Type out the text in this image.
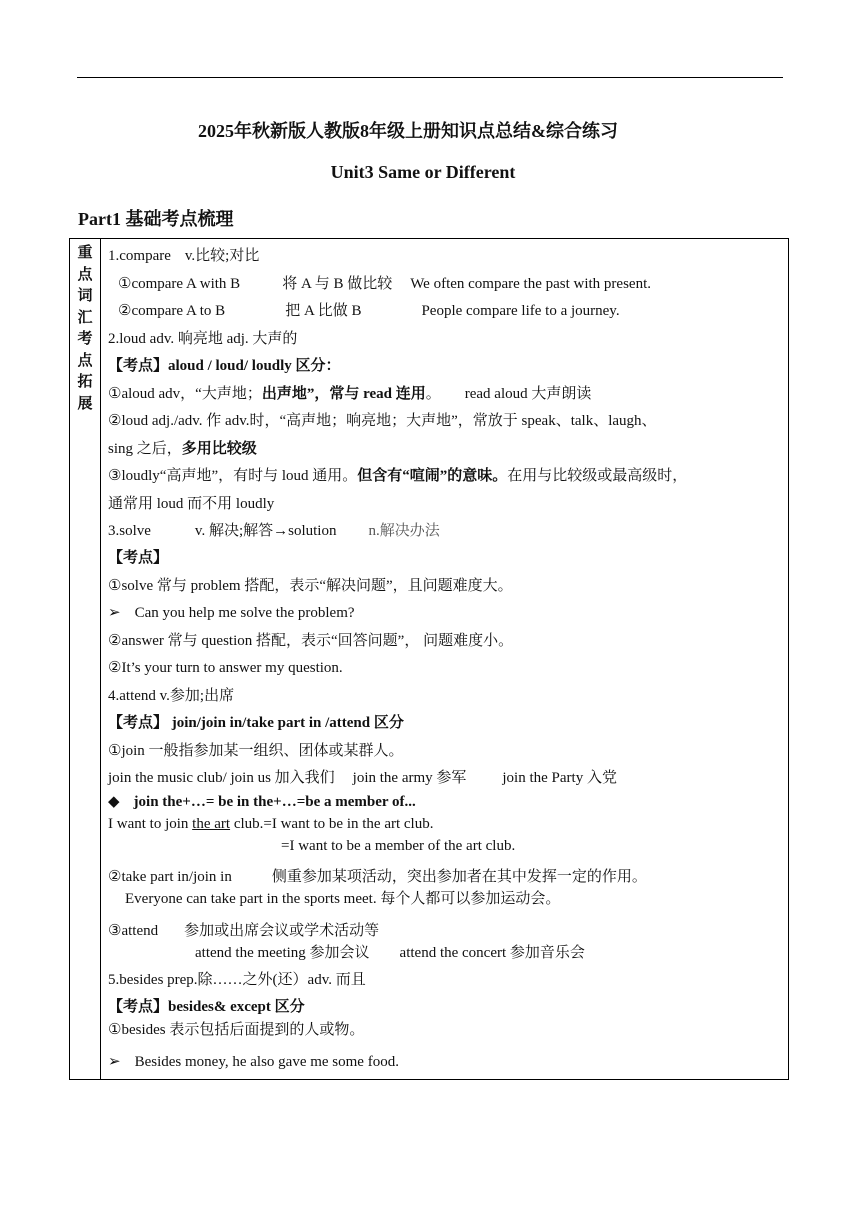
2025年秋新版人教版8年级上册知识点总结&综合练习
Unit3 Same or Different
Part1 基础考点梳理
重
点
词
汇
考
点
拓
展
1.compare v.比较;对比
①compare A with B	将 A 与 B 做比较 We often compare the past with present.
②compare A to B	把 A 比做 B	People compare life to a journey.
2.loud adv. 响亮地 adj. 大声的
【考点】aloud / loud/ loudly 区分：
①aloud adv，“大声地；出声地”，常与 read 连用。 read aloud 大声朗读
②loud adj./adv. 作 adv.时，“高声地；响亮地；大声地”，常放于 speak、talk、laugh、
sing 之后，多用比较级
③loudly“高声地”，有时与 loud 通用。但含有“喧闹”的意味。在用与比较级或最高级时，
通常用 loud 而不用 loudly
3.solve	v. 解决;解答→solution n.解决办法
【考点】
①solve 常与 problem 搭配，表示“解决问题”，且问题难度大。
➢ Can you help me solve the problem?
②answer 常与 question 搭配，表示“回答问题”， 问题难度小。
②It’s your turn to answer my question.
4.attend v.参加;出席
【考点】 join/join in/take part in /attend 区分
①join 一般指参加某一组织、团体或某群人。
join the music club/ join us 加入我们 join the army 参军 join the Party 入党
◆ join the+…= be in the+…=be a member of...
I want to join the art club.=I want to be in the art club.
=I want to be a member of the art club.
②take part in/join in	侧重参加某项活动，突出参加者在其中发挥一定的作用。
Everyone can take part in the sports meet. 每个人都可以参加运动会。
③attend 参加或出席会议或学术活动等
attend the meeting 参加会议 attend the concert 参加音乐会
5.besides prep.除……之外(还）adv. 而且
【考点】besides& except 区分
①besides 表示包括后面提到的人或物。
➢ Besides money, he also gave me some food.
